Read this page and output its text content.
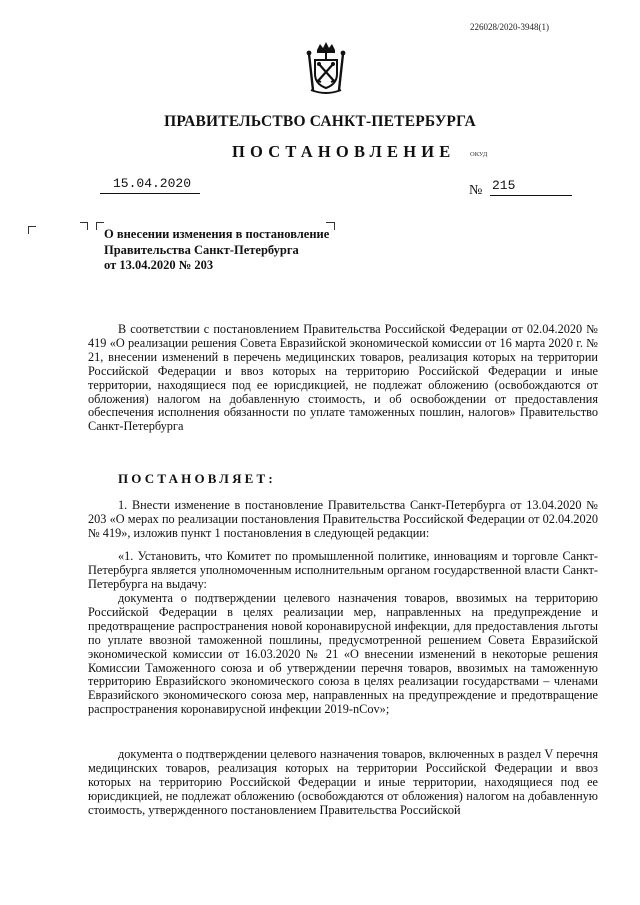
226028/2020-3948(1)
ПРАВИТЕЛЬСТВО САНКТ-ПЕТЕРБУРГА
ПОСТАНОВЛЕНИЕ ОКУД
15.04.2020	№ 215
О внесении изменения в постановление
Правительства Санкт-Петербурга
от 13.04.2020 № 203
В соответствии с постановлением Правительства Российской Федерации от 02.04.2020 № 419 «О реализации решения Совета Евразийской экономической комиссии от 16 марта 2020 г. № 21, внесении изменений в перечень медицинских товаров, реализация которых на территории Российской Федерации и ввоз которых на территорию Российской Федерации и иные территории, находящиеся под ее юрисдикцией, не подлежат обложению (освобождаются от обложения) налогом на добавленную стоимость, и об освобождении от предоставления обеспечения исполнения обязанности по уплате таможенных пошлин, налогов» Правительство Санкт-Петербурга
ПОСТАНОВЛЯЕТ:
1. Внести изменение в постановление Правительства Санкт-Петербурга от 13.04.2020 № 203 «О мерах по реализации постановления Правительства Российской Федерации от 02.04.2020 № 419», изложив пункт 1 постановления в следующей редакции:
«1. Установить, что Комитет по промышленной политике, инновациям и торговле Санкт-Петербурга является уполномоченным исполнительным органом государственной власти Санкт-Петербурга на выдачу:
документа о подтверждении целевого назначения товаров, ввозимых на территорию Российской Федерации в целях реализации мер, направленных на предупреждение и предотвращение распространения новой коронавирусной инфекции, для предоставления льготы по уплате ввозной таможенной пошлины, предусмотренной решением Совета Евразийской экономической комиссии от 16.03.2020 № 21 «О внесении изменений в некоторые решения Комиссии Таможенного союза и об утверждении перечня товаров, ввозимых на таможенную территорию Евразийского экономического союза в целях реализации государствами – членами Евразийского экономического союза мер, направленных на предупреждение и предотвращение распространения коронавирусной инфекции 2019-nCov»;
документа о подтверждении целевого назначения товаров, включенных в раздел V перечня медицинских товаров, реализация которых на территории Российской Федерации и ввоз которых на территорию Российской Федерации и иные территории, находящиеся под ее юрисдикцией, не подлежат обложению (освобождаются от обложения) налогом на добавленную стоимость, утвержденного постановлением Правительства Российской
